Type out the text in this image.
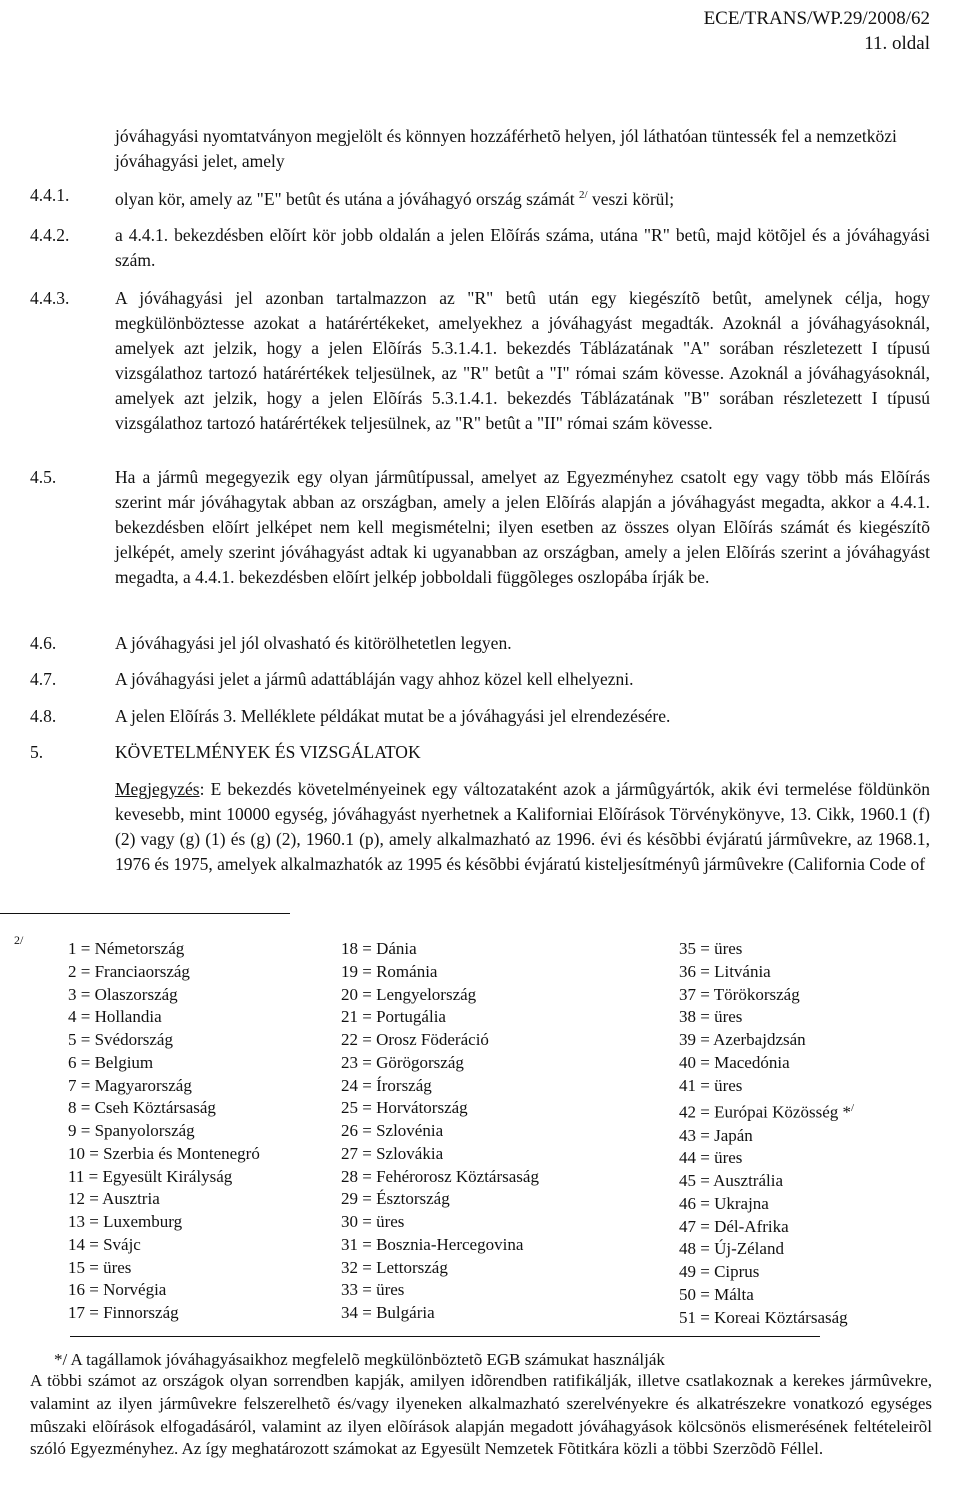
ECE/TRANS/WP.29/2008/62
11. oldal
jóváhagyási nyomtatványon megjelölt és könnyen hozzáférhetõ helyen, jól láthatóan tüntessék fel a nemzetközi jóváhagyási jelet, amely
4.4.1.	olyan kör, amely az "E" betût és utána a jóváhagyó ország számát $^{2/}$ veszi körül;
4.4.2.	a 4.4.1. bekezdésben elõírt kör jobb oldalán a jelen Elõírás száma, utána "R" betû, majd kötõjel és a jóváhagyási szám.
4.4.3.	A jóváhagyási jel azonban tartalmazzon az "R" betû után egy kiegészítõ betût, amelynek célja, hogy megkülönböztesse azokat a határértékeket, amelyekhez a jóváhagyást megadták. Azoknál a jóváhagyásoknál, amelyek azt jelzik, hogy a jelen Elõírás 5.3.1.4.1. bekezdés Táblázatának "A" sorában részletezett I típusú vizsgálathoz tartozó határértékek teljesülnek, az "R" betût a "I" római szám kövesse. Azoknál a jóváhagyásoknál, amelyek azt jelzik, hogy a jelen Elõírás 5.3.1.4.1. bekezdés Táblázatának "B" sorában részletezett I típusú vizsgálathoz tartozó határértékek teljesülnek, az "R" betût a "II" római szám kövesse.
4.5.	Ha a jármû megegyezik egy olyan jármûtípussal, amelyet az Egyezményhez csatolt egy vagy több más Elõírás szerint már jóváhagytak abban az országban, amely a jelen Elõírás alapján a jóváhagyást megadta, akkor a 4.4.1. bekezdésben elõírt jelképet nem kell megismételni; ilyen esetben az összes olyan Elõírás számát és kiegészítõ jelképét, amely szerint jóváhagyást adtak ki ugyanabban az országban, amely a jelen Elõírás szerint a jóváhagyást megadta, a 4.4.1. bekezdésben elõírt jelkép jobboldali függõleges oszlopába írják be.
4.6.	A jóváhagyási jel jól olvasható és kitörölhetetlen legyen.
4.7.	A jóváhagyási jelet a jármû adattábláján vagy ahhoz közel kell elhelyezni.
4.8.	A jelen Elõírás 3. Melléklete példákat mutat be a jóváhagyási jel elrendezésére.
5.	KÖVETELMÉNYEK ÉS VIZSGÁLATOK
Megjegyzés: E bekezdés követelményeinek egy változataként azok a jármûgyártók, akik évi termelése földünkön kevesebb, mint 10000 egység, jóváhagyást nyerhetnek a Kaliforniai Elõírások Törvénykönyve, 13. Cikk, 1960.1 (f) (2) vagy (g) (1) és (g) (2), 1960.1 (p), amely alkalmazható az 1996. évi és késõbbi évjáratú jármûvekre, az 1968.1, 1976 és 1975, amelyek alkalmazhatók az 1995 és késõbbi évjáratú kisteljesítményû jármûvekre (California Code of
2/	1 = Németország
2 = Franciaország
3 = Olaszország
4 = Hollandia
5 = Svédország
6 = Belgium
7 = Magyarország
8 = Cseh Köztársaság
9 = Spanyolország
10 = Szerbia és Montenegró
11 = Egyesült Királyság
12 = Ausztria
13 = Luxemburg
14 = Svájc
15 = üres
16 = Norvégia
17 = Finnország
18 = Dánia
19 = Románia
20 = Lengyelország
21 = Portugália
22 = Orosz Föderáció
23 = Görögország
24 = Írország
25 = Horvátország
26 = Szlovénia
27 = Szlovákia
28 = Fehérorosz Köztársaság
29 = Észtország
30 = üres
31 = Bosznia-Hercegovina
32 = Lettország
33 = üres
34 = Bulgária
35 = üres
36 = Litvánia
37 = Törökország
38 = üres
39 = Azerbajdzsán
40 = Macedónia
41 = üres
42 = Európai Közösség */
43 = Japán
44 = üres
45 = Ausztrália
46 = Ukrajna
47 = Dél-Afrika
48 = Új-Zéland
49 = Ciprus
50 = Málta
51 = Koreai Köztársaság
*/ A tagállamok jóváhagyásaikhoz megfelelõ megkülönböztetõ EGB számukat használják
A többi számot az országok olyan sorrendben kapják, amilyen idõrendben ratifikálják, illetve csatlakoznak a kerekes jármûvekre, valamint az ilyen jármûvekre felszerelhetõ és/vagy ilyeneken alkalmazható szerelvényekre és alkatrészekre vonatkozó egységes mûszaki elõírások elfogadásáról, valamint az ilyen elõírások alapján megadott jóváhagyások kölcsönös elismerésének feltételeirõl szóló Egyezményhez. Az így meghatározott számokat az Egyesült Nemzetek Fõtitkára közli a többi Szerzõdõ Féllel.
